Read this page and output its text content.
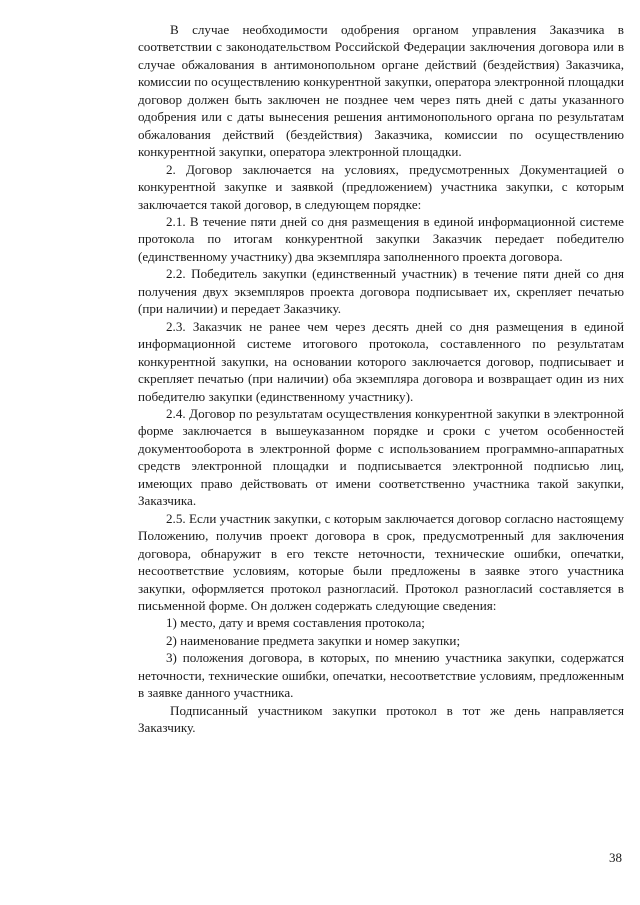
В случае необходимости одобрения органом управления Заказчика в соответствии с законодательством Российской Федерации заключения договора или в случае обжалования в антимонопольном органе действий (бездействия) Заказчика, комиссии по осуществлению конкурентной закупки, оператора электронной площадки договор должен быть заключен не позднее чем через пять дней с даты указанного одобрения или с даты вынесения решения антимонопольного органа по результатам обжалования действий (бездействия) Заказчика, комиссии по осуществлению конкурентной закупки, оператора электронной площадки.

2. Договор заключается на условиях, предусмотренных Документацией о конкурентной закупке и заявкой (предложением) участника закупки, с которым заключается такой договор, в следующем порядке:

2.1. В течение пяти дней со дня размещения в единой информационной системе протокола по итогам конкурентной закупки Заказчик передает победителю (единственному участнику) два экземпляра заполненного проекта договора.

2.2. Победитель закупки (единственный участник) в течение пяти дней со дня получения двух экземпляров проекта договора подписывает их, скрепляет печатью (при наличии) и передает Заказчику.

2.3. Заказчик не ранее чем через десять дней со дня размещения в единой информационной системе итогового протокола, составленного по результатам конкурентной закупки, на основании которого заключается договор, подписывает и скрепляет печатью (при наличии) оба экземпляра договора и возвращает один из них победителю закупки (единственному участнику).

2.4. Договор по результатам осуществления конкурентной закупки в электронной форме заключается в вышеуказанном порядке и сроки с учетом особенностей документооборота в электронной форме с использованием программно-аппаратных средств электронной площадки и подписывается электронной подписью лиц, имеющих право действовать от имени соответственно участника такой закупки, Заказчика.

2.5. Если участник закупки, с которым заключается договор согласно настоящему Положению, получив проект договора в срок, предусмотренный для заключения договора, обнаружит в его тексте неточности, технические ошибки, опечатки, несоответствие условиям, которые были предложены в заявке этого участника закупки, оформляется протокол разногласий. Протокол разногласий составляется в письменной форме. Он должен содержать следующие сведения:

1) место, дату и время составления протокола;

2) наименование предмета закупки и номер закупки;

3) положения договора, в которых, по мнению участника закупки, содержатся неточности, технические ошибки, опечатки, несоответствие условиям, предложенным в заявке данного участника.

Подписанный участником закупки протокол в тот же день направляется Заказчику.

38
